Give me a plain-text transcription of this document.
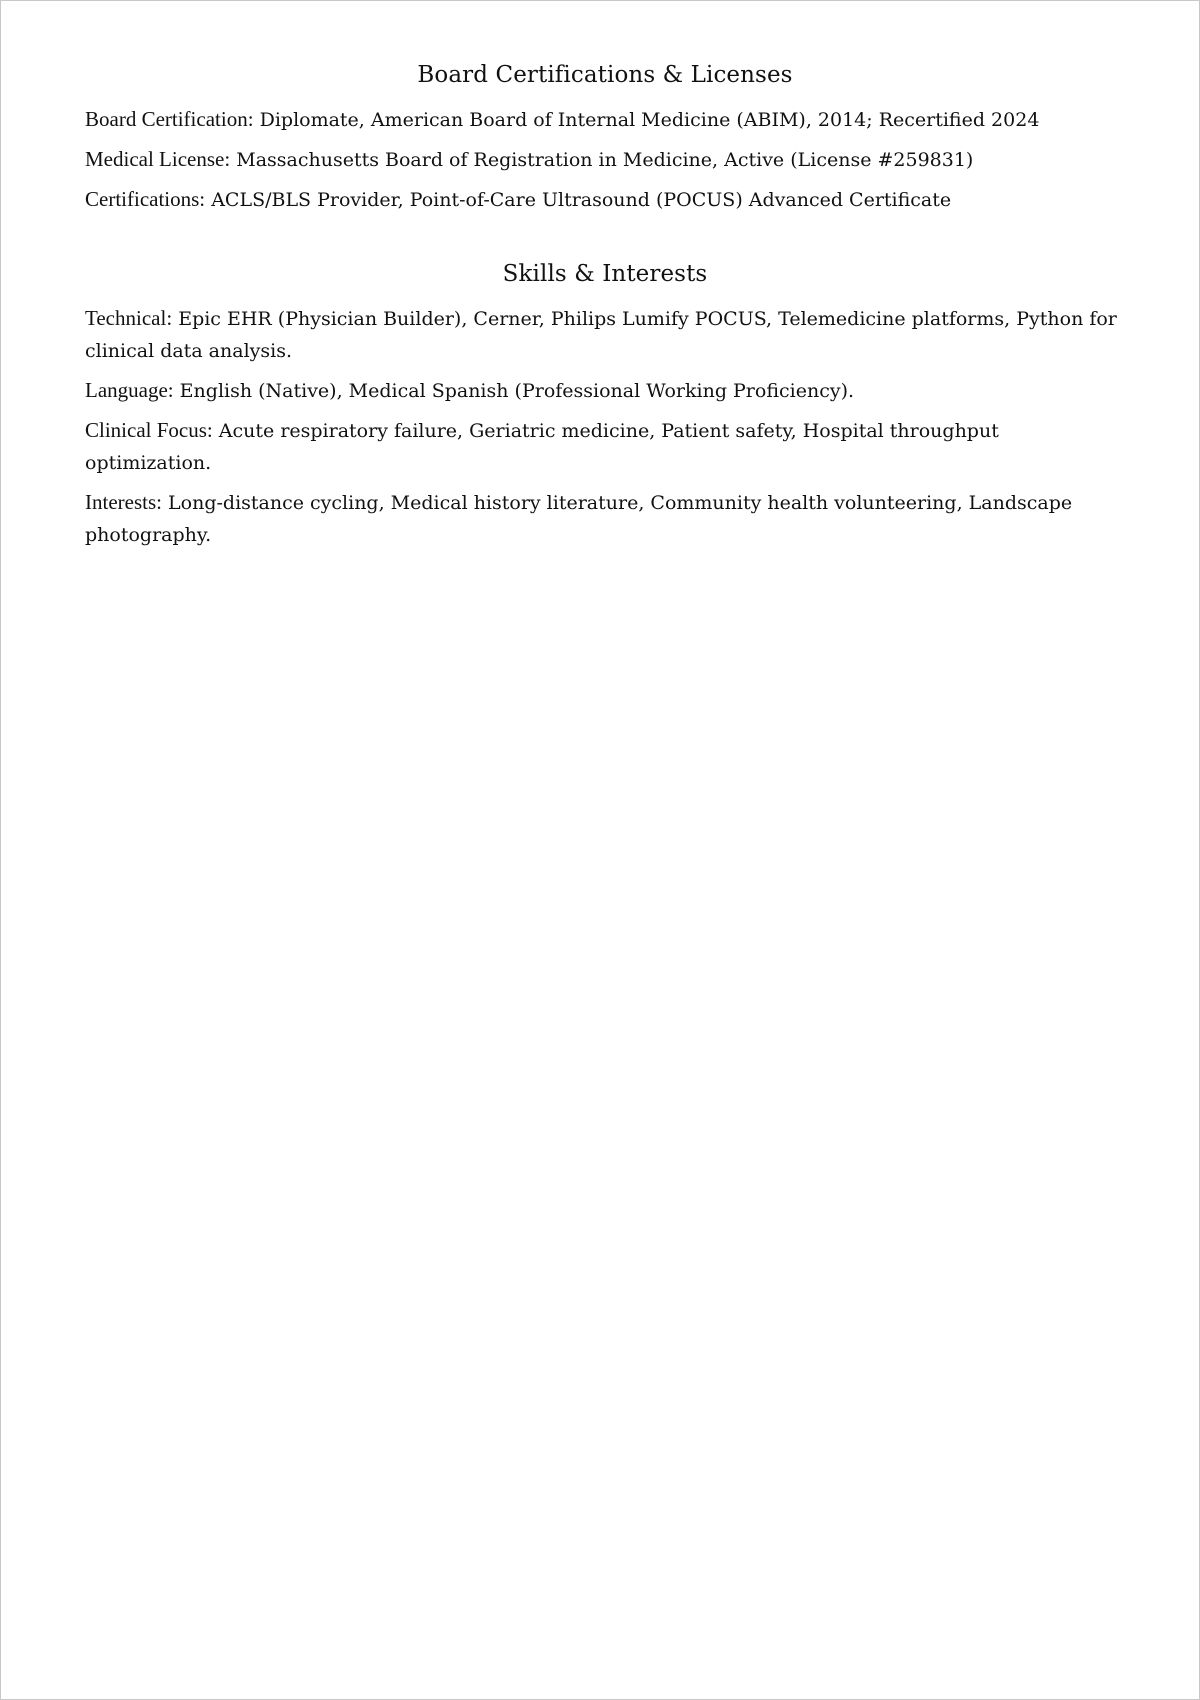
Board Certifications & Licenses

Board Certification: Diplomate, American Board of Internal Medicine (ABIM), 2014; Recertified 2024

Medical License: Massachusetts Board of Registration in Medicine, Active (License #259831)

Certifications: ACLS/BLS Provider, Point-of-Care Ultrasound (POCUS) Advanced Certificate

Skills & Interests

Technical: Epic EHR (Physician Builder), Cerner, Philips Lumify POCUS, Telemedicine platforms, Python for clinical data analysis.

Language: English (Native), Medical Spanish (Professional Working Proficiency).

Clinical Focus: Acute respiratory failure, Geriatric medicine, Patient safety, Hospital throughput optimization.

Interests: Long-distance cycling, Medical history literature, Community health volunteering, Landscape photography.
